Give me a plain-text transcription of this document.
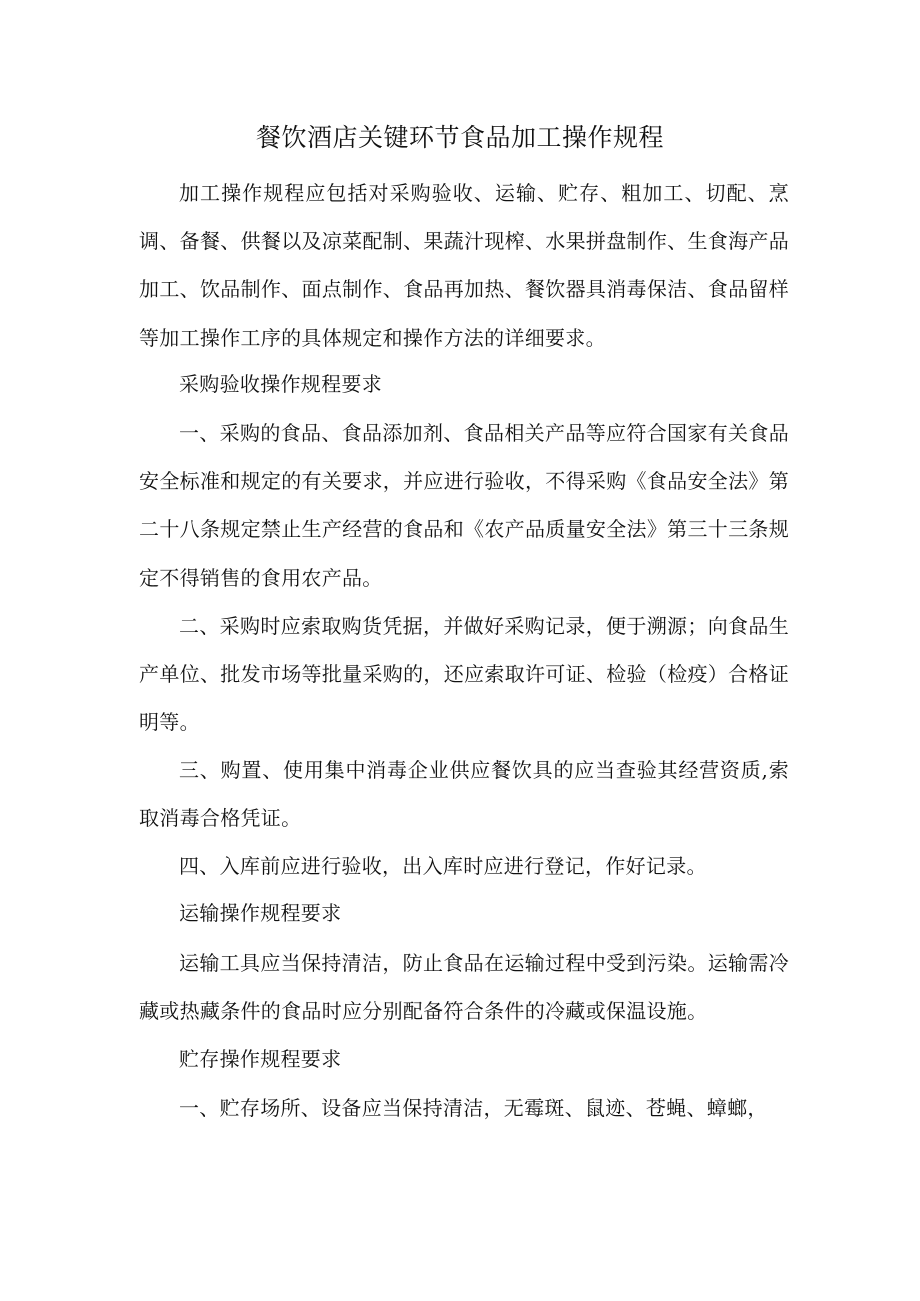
餐饮酒店关键环节食品加工操作规程

加工操作规程应包括对采购验收、运输、贮存、粗加工、切配、烹调、备餐、供餐以及凉菜配制、果蔬汁现榨、水果拼盘制作、生食海产品加工、饮品制作、面点制作、食品再加热、餐饮器具消毒保洁、食品留样等加工操作工序的具体规定和操作方法的详细要求。

采购验收操作规程要求

一、采购的食品、食品添加剂、食品相关产品等应符合国家有关食品安全标准和规定的有关要求，并应进行验收，不得采购《食品安全法》第二十八条规定禁止生产经营的食品和《农产品质量安全法》第三十三条规定不得销售的食用农产品。

二、采购时应索取购货凭据，并做好采购记录，便于溯源；向食品生产单位、批发市场等批量采购的，还应索取许可证、检验（检疫）合格证明等。

三、购置、使用集中消毒企业供应餐饮具的应当查验其经营资质,索取消毒合格凭证。

四、入库前应进行验收，出入库时应进行登记，作好记录。

运输操作规程要求

运输工具应当保持清洁，防止食品在运输过程中受到污染。运输需冷藏或热藏条件的食品时应分别配备符合条件的冷藏或保温设施。

贮存操作规程要求

一、贮存场所、设备应当保持清洁，无霉斑、鼠迹、苍蝇、蟑螂，
